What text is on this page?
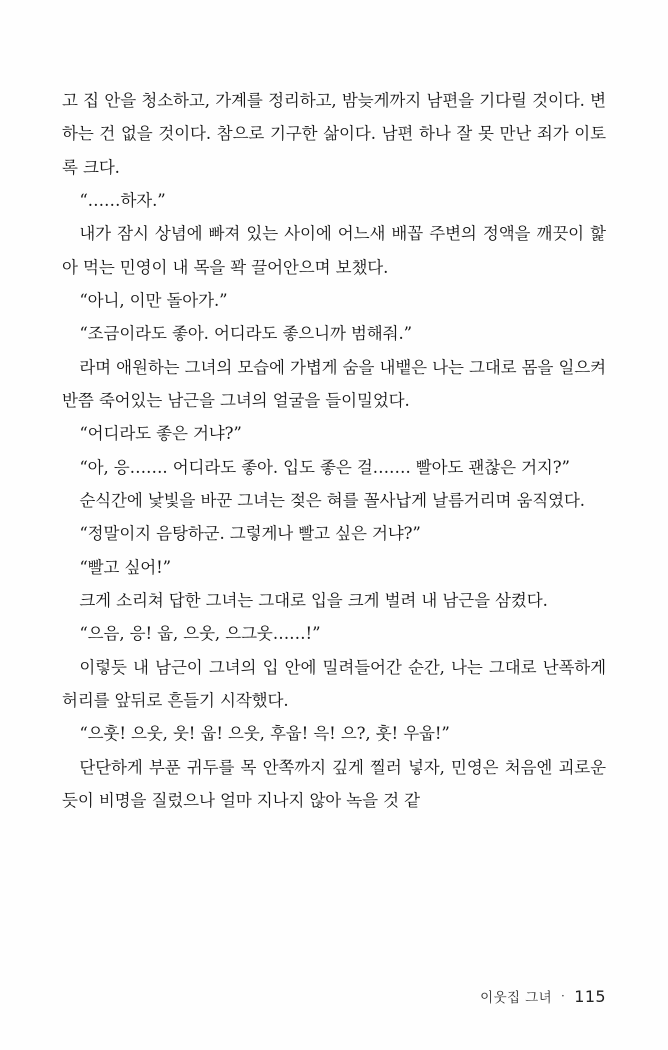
고 집 안을 청소하고, 가계를 정리하고, 밤늦게까지 남편을 기다릴 것이다. 변하는 건 없을 것이다. 참으로 기구한 삶이다. 남편 하나 잘 못 만난 죄가 이토록 크다.

“……하자.”

내가 잠시 상념에 빠져 있는 사이에 어느새 배꼽 주변의 정액을 깨끗이 핥아 먹는 민영이 내 목을 꽉 끌어안으며 보챘다.

“아니, 이만 돌아가.”

“조금이라도 좋아. 어디라도 좋으니까 범해줘.”

라며 애원하는 그녀의 모습에 가볍게 숨을 내뱉은 나는 그대로 몸을 일으켜 반쯤 죽어있는 남근을 그녀의 얼굴을 들이밀었다.

“어디라도 좋은 거냐?”

“아, 응……. 어디라도 좋아. 입도 좋은 걸……. 빨아도 괜찮은 거지?”

순식간에 낯빛을 바꾼 그녀는 젖은 혀를 꼴사납게 날름거리며 움직였다.

“정말이지 음탕하군. 그렇게나 빨고 싶은 거냐?”

“빨고 싶어!”

크게 소리쳐 답한 그녀는 그대로 입을 크게 벌려 내 남근을 삼켰다.

“으음, 응! 웁, 으웃, 으그웃……!”

이렇듯 내 남근이 그녀의 입 안에 밀려들어간 순간, 나는 그대로 난폭하게 허리를 앞뒤로 흔들기 시작했다.

“으훗! 으웃, 웃! 웁! 으웃, 후웁! 윽! 으?, 훗! 우웁!”

단단하게 부푼 귀두를 목 안쪽까지 깊게 찔러 넣자, 민영은 처음엔 괴로운 듯이 비명을 질렀으나 얼마 지나지 않아 녹을 것 같

이웃집 그녀 · 115
